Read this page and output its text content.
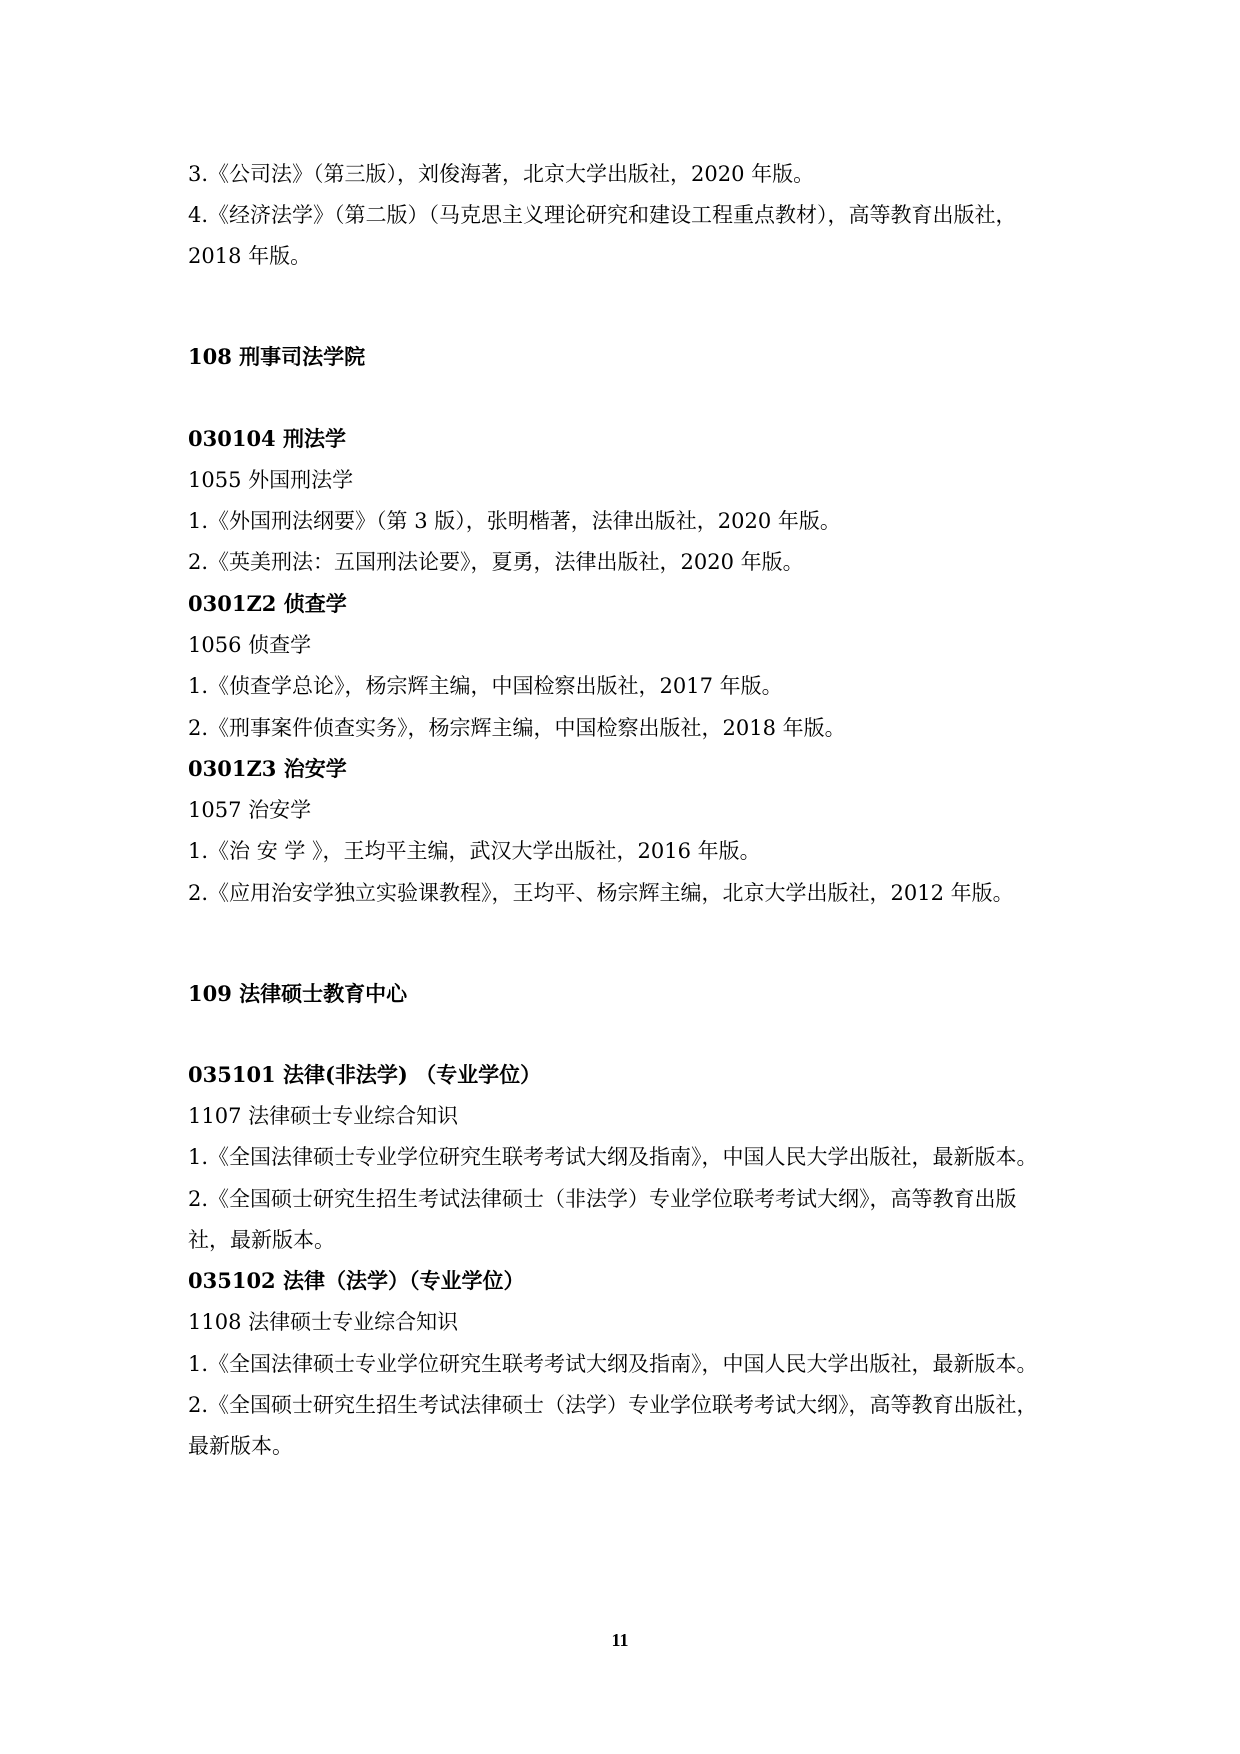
3.《公司法》（第三版），刘俊海著，北京大学出版社，2020 年版。
4.《经济法学》（第二版）（马克思主义理论研究和建设工程重点教材），高等教育出版社，
2018 年版。
108 刑事司法学院
030104 刑法学
1055 外国刑法学
1.《外国刑法纲要》（第 3 版），张明楷著，法律出版社，2020 年版。
2.《英美刑法：五国刑法论要》，夏勇，法律出版社，2020 年版。
0301Z2 侦查学
1056 侦查学
1.《侦查学总论》，杨宗辉主编，中国检察出版社，2017 年版。
2.《刑事案件侦查实务》，杨宗辉主编，中国检察出版社，2018 年版。
0301Z3 治安学
1057 治安学
1.《治 安 学 》，王均平主编，武汉大学出版社，2016 年版。
2.《应用治安学独立实验课教程》，王均平、杨宗辉主编，北京大学出版社，2012 年版。
109 法律硕士教育中心
035101 法律(非法学) （专业学位）
1107 法律硕士专业综合知识
1.《全国法律硕士专业学位研究生联考考试大纲及指南》，中国人民大学出版社，最新版本。
2.《全国硕士研究生招生考试法律硕士（非法学）专业学位联考考试大纲》，高等教育出版
社，最新版本。
035102 法律（法学）（专业学位）
1108 法律硕士专业综合知识
1.《全国法律硕士专业学位研究生联考考试大纲及指南》，中国人民大学出版社，最新版本。
2.《全国硕士研究生招生考试法律硕士（法学）专业学位联考考试大纲》，高等教育出版社，
最新版本。
11
